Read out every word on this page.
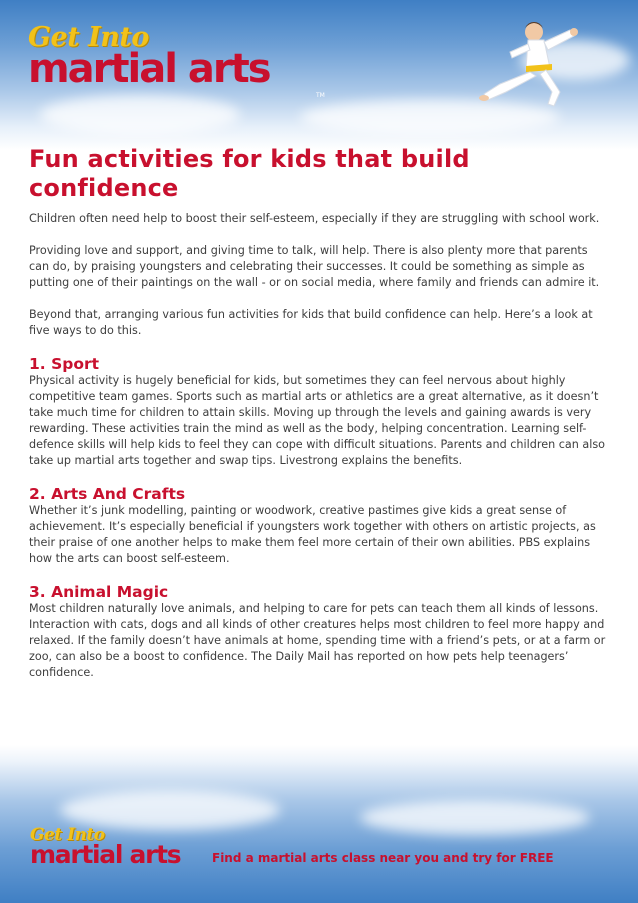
Get Into
martial arts
TM
Fun activities for kids that build confidence

Children often need help to boost their self-esteem, especially if they are struggling with school work.

Providing love and support, and giving time to talk, will help. There is also plenty more that parents can do, by praising youngsters and celebrating their successes. It could be something as simple as putting one of their paintings on the wall - or on social media, where family and friends can admire it.

Beyond that, arranging various fun activities for kids that build confidence can help. Here’s a look at five ways to do this.

1. Sport

Physical activity is hugely beneficial for kids, but sometimes they can feel nervous about highly competitive team games. Sports such as martial arts or athletics are a great alternative, as it doesn’t take much time for children to attain skills. Moving up through the levels and gaining awards is very rewarding. These activities train the mind as well as the body, helping concentration. Learning self-defence skills will help kids to feel they can cope with difficult situations. Parents and children can also take up martial arts together and swap tips. Livestrong explains the benefits.

2. Arts And Crafts

Whether it’s junk modelling, painting or woodwork, creative pastimes give kids a great sense of achievement. It’s especially beneficial if youngsters work together with others on artistic projects, as their praise of one another helps to make them feel more certain of their own abilities. PBS explains how the arts can boost self-esteem.

3. Animal Magic

Most children naturally love animals, and helping to care for pets can teach them all kinds of lessons. Interaction with cats, dogs and all kinds of other creatures helps most children to feel more happy and relaxed. If the family doesn’t have animals at home, spending time with a friend’s pets, or at a farm or zoo, can also be a boost to confidence. The Daily Mail has reported on how pets help teenagers’ confidence.

Get Into
martial arts	Find a martial arts class near you and try for FREE
